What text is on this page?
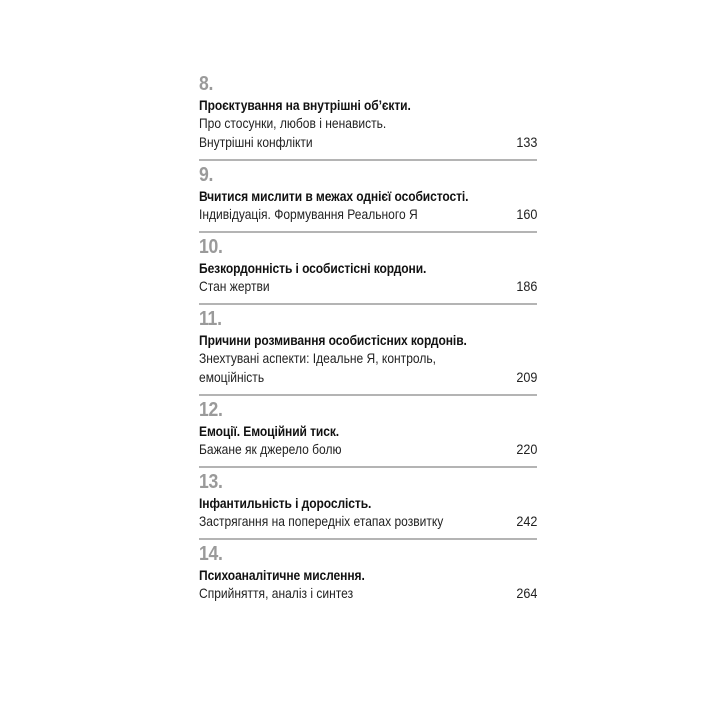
8.
Проєктування на внутрішні об’єкти.
Про стосунки, любов і ненависть.
Внутрішні конфлікти	133
9.
Вчитися мислити в межах однієї особистості.
Індивідуація. Формування Реального Я	160
10.
Безкордонність і особистісні кордони.
Стан жертви	186
11.
Причини розмивання особистісних кордонів.
Знехтувані аспекти: Ідеальне Я, контроль,
емоційність	209
12.
Емоції. Емоційний тиск.
Бажане як джерело болю	220
13.
Інфантильність і дорослість.
Застрягання на попередніх етапах розвитку	242
14.
Психоаналітичне мислення.
Сприйняття, аналіз і синтез	264
